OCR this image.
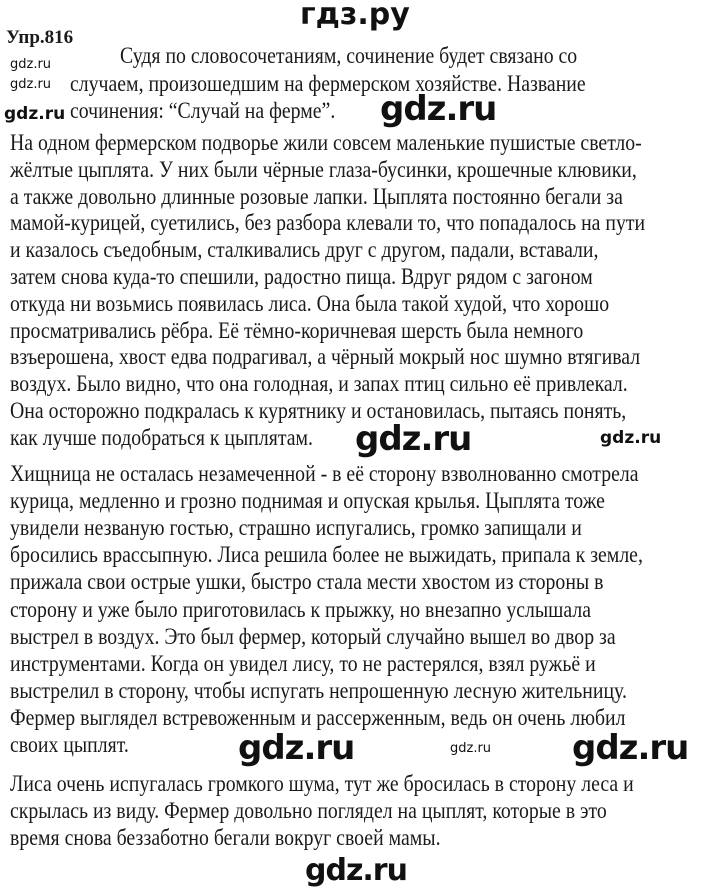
гдз.ру
Упр.816
Судя по словосочетаниям, сочинение будет связано со
случаем, произошедшим на фермерском хозяйстве. Название
сочинения: “Случай на ферме”.
На одном фермерском подворье жили совсем маленькие пушистые светло-
жёлтые цыплята. У них были чёрные глаза-бусинки, крошечные клювики,
а также довольно длинные розовые лапки. Цыплята постоянно бегали за
мамой-курицей, суетились, без разбора клевали то, что попадалось на пути
и казалось съедобным, сталкивались друг с другом, падали, вставали,
затем снова куда-то спешили, радостно пища. Вдруг рядом с загоном
откуда ни возьмись появилась лиса. Она была такой худой, что хорошо
просматривались рёбра. Её тёмно-коричневая шерсть была немного
взъерошена, хвост едва подрагивал, а чёрный мокрый нос шумно втягивал
воздух. Было видно, что она голодная, и запах птиц сильно её привлекал.
Она осторожно подкралась к курятнику и остановилась, пытаясь понять,
как лучше подобраться к цыплятам.
Хищница не осталась незамеченной - в её сторону взволнованно смотрела
курица, медленно и грозно поднимая и опуская крылья. Цыплята тоже
увидели незваную гостью, страшно испугались, громко запищали и
бросились врассыпную. Лиса решила более не выжидать, припала к земле,
прижала свои острые ушки, быстро стала мести хвостом из стороны в
сторону и уже было приготовилась к прыжку, но внезапно услышала
выстрел в воздух. Это был фермер, который случайно вышел во двор за
инструментами. Когда он увидел лису, то не растерялся, взял ружьё и
выстрелил в сторону, чтобы испугать непрошенную лесную жительницу.
Фермер выглядел встревоженным и рассерженным, ведь он очень любил
своих цыплят.
Лиса очень испугалась громкого шума, тут же бросилась в сторону леса и
скрылась из виду. Фермер довольно поглядел на цыплят, которые в это
время снова беззаботно бегали вокруг своей мамы.
gdz.ru
gdz.ru
gdz.ru
gdz.ru
gdz.ru
gdz.ru	gdz.ru
gdz.ru	gdz.ru
gdz.ru
